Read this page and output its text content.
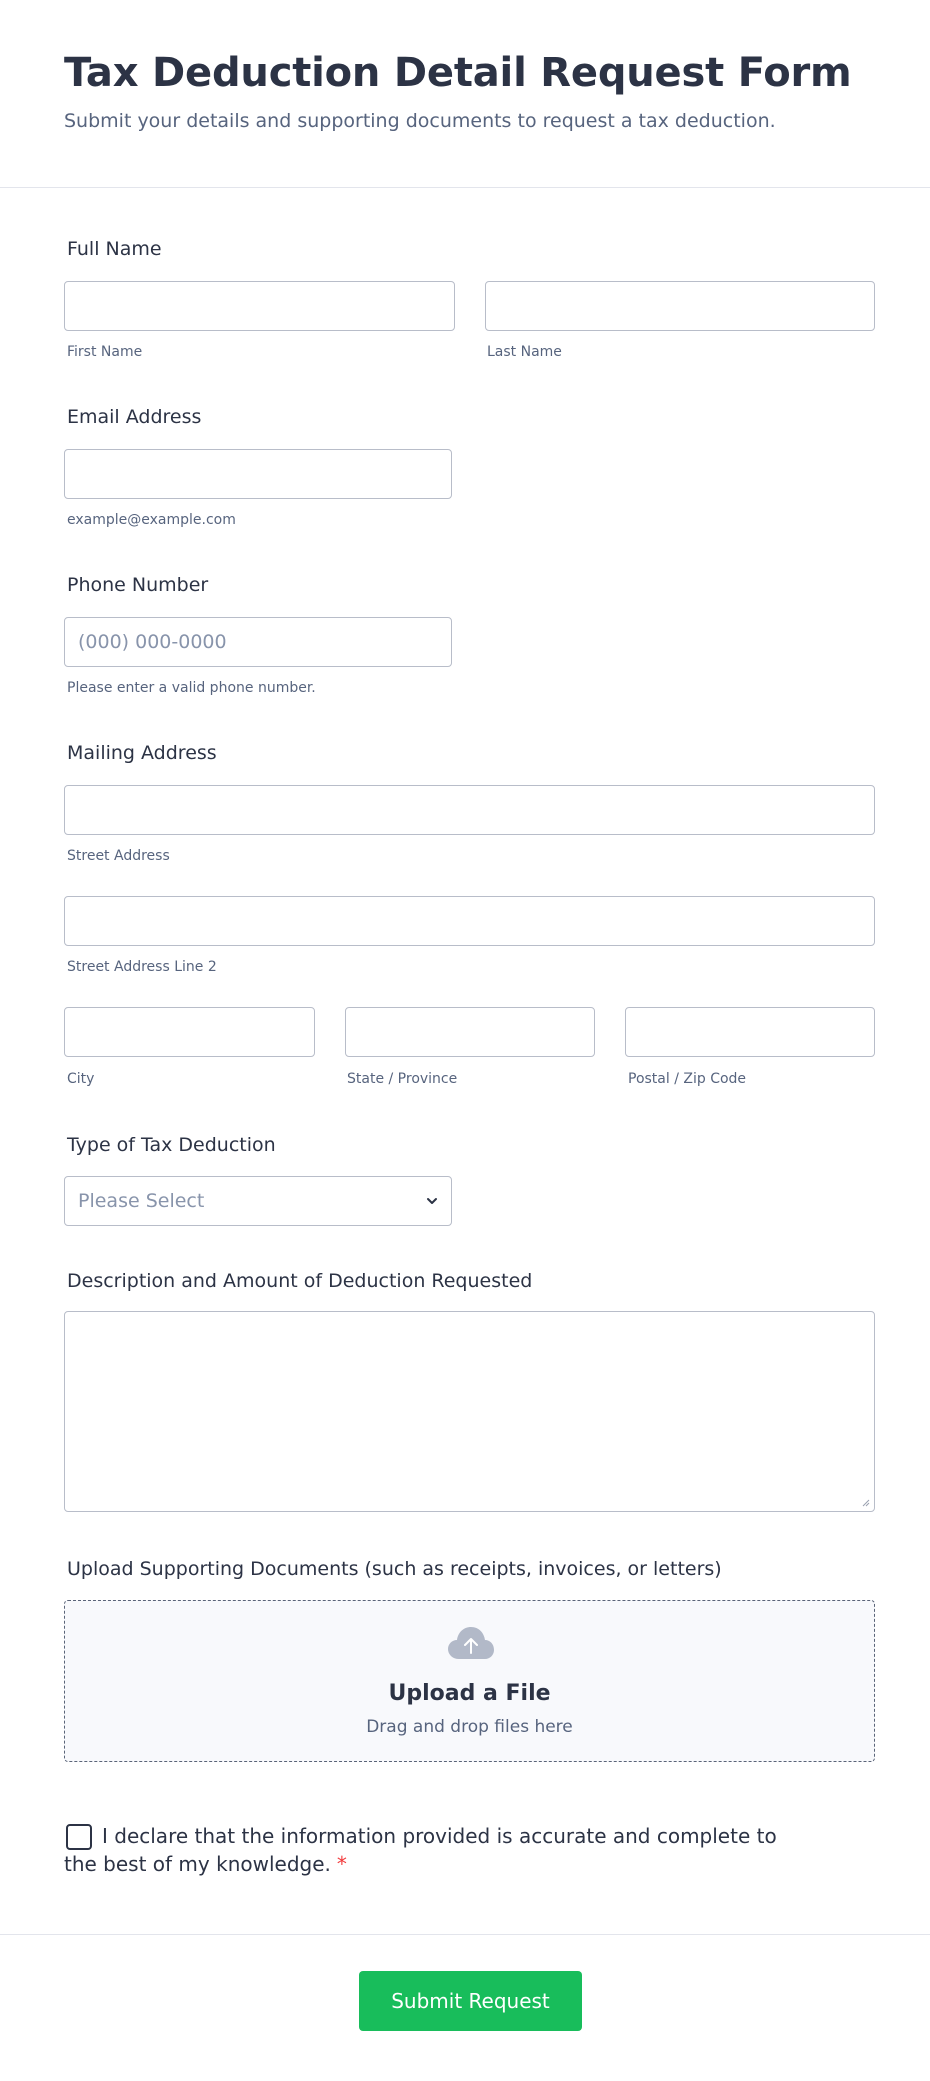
Tax Deduction Detail Request Form
Submit your details and supporting documents to request a tax deduction.
Full Name
First Name	Last Name
Email Address
example@example.com
Phone Number
(000) 000-0000
Please enter a valid phone number.
Mailing Address
Street Address
Street Address Line 2
City	State / Province	Postal / Zip Code
Type of Tax Deduction
Please Select
Description and Amount of Deduction Requested
Upload Supporting Documents (such as receipts, invoices, or letters)
Upload a File
Drag and drop files here
I declare that the information provided is accurate and complete to the best of my knowledge. *
Submit Request
